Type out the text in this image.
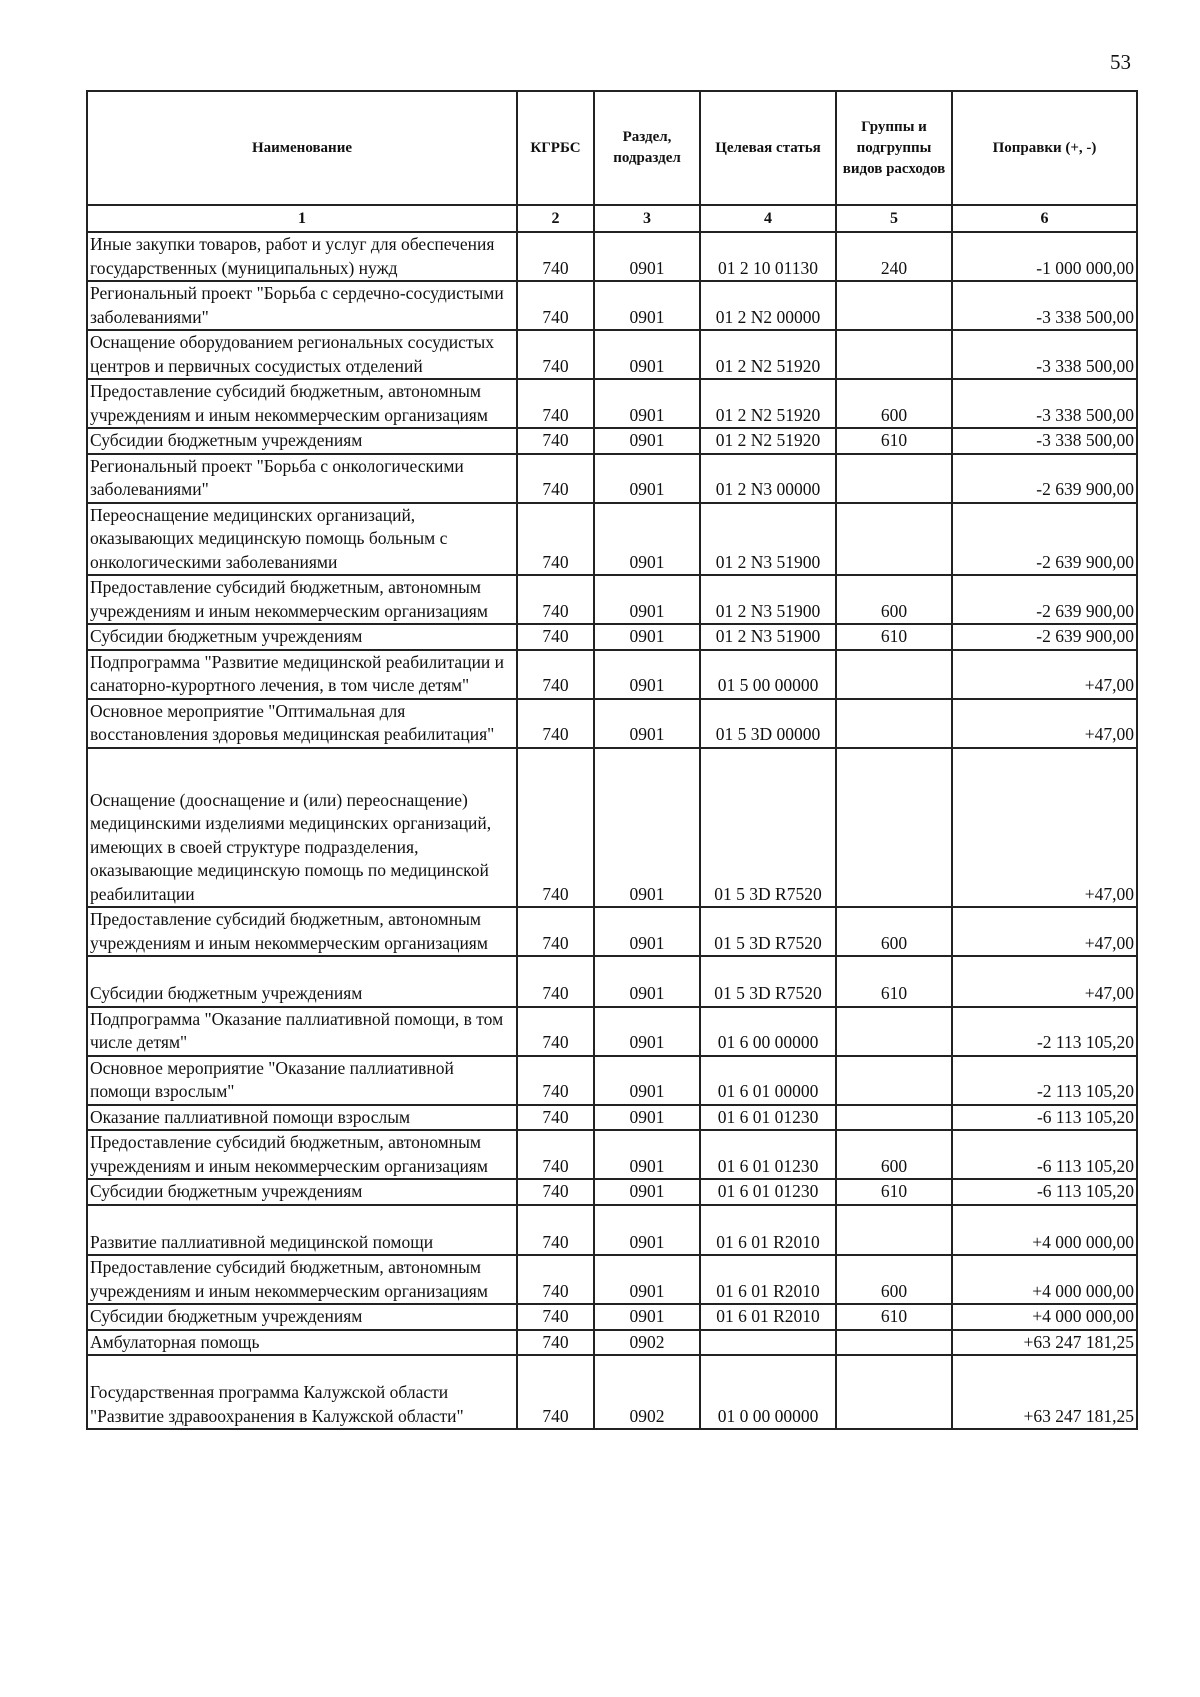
53
Наименование	КГРБС	Раздел, подраздел	Целевая статья	Группы и подгруппы видов расходов	Поправки (+, -)
1	2	3	4	5	6
Иные закупки товаров, работ и услуг для обеспечения государственных (муниципальных) нужд	740	0901	01 2 10 01130	240	-1 000 000,00
Региональный проект "Борьба с сердечно-сосудистыми заболеваниями"	740	0901	01 2 N2 00000		-3 338 500,00
Оснащение оборудованием региональных сосудистых центров и первичных сосудистых отделений	740	0901	01 2 N2 51920		-3 338 500,00
Предоставление субсидий бюджетным, автономным учреждениям и иным некоммерческим организациям	740	0901	01 2 N2 51920	600	-3 338 500,00
Субсидии бюджетным учреждениям	740	0901	01 2 N2 51920	610	-3 338 500,00
Региональный проект "Борьба с онкологическими заболеваниями"	740	0901	01 2 N3 00000		-2 639 900,00
Переоснащение медицинских организаций, оказывающих медицинскую помощь больным с онкологическими заболеваниями	740	0901	01 2 N3 51900		-2 639 900,00
Предоставление субсидий бюджетным, автономным учреждениям и иным некоммерческим организациям	740	0901	01 2 N3 51900	600	-2 639 900,00
Субсидии бюджетным учреждениям	740	0901	01 2 N3 51900	610	-2 639 900,00
Подпрограмма "Развитие медицинской реабилитации и санаторно-курортного лечения, в том числе детям"	740	0901	01 5 00 00000		+47,00
Основное мероприятие "Оптимальная для восстановления здоровья медицинская реабилитация"	740	0901	01 5 3D 00000		+47,00
Оснащение (дооснащение и (или) переоснащение) медицинскими изделиями медицинских организаций, имеющих в своей структуре подразделения, оказывающие медицинскую помощь по медицинской реабилитации	740	0901	01 5 3D R7520		+47,00
Предоставление субсидий бюджетным, автономным учреждениям и иным некоммерческим организациям	740	0901	01 5 3D R7520	600	+47,00
Субсидии бюджетным учреждениям	740	0901	01 5 3D R7520	610	+47,00
Подпрограмма "Оказание паллиативной помощи, в том числе детям"	740	0901	01 6 00 00000		-2 113 105,20
Основное мероприятие "Оказание паллиативной помощи взрослым"	740	0901	01 6 01 00000		-2 113 105,20
Оказание паллиативной помощи взрослым	740	0901	01 6 01 01230		-6 113 105,20
Предоставление субсидий бюджетным, автономным учреждениям и иным некоммерческим организациям	740	0901	01 6 01 01230	600	-6 113 105,20
Субсидии бюджетным учреждениям	740	0901	01 6 01 01230	610	-6 113 105,20
Развитие паллиативной медицинской помощи	740	0901	01 6 01 R2010		+4 000 000,00
Предоставление субсидий бюджетным, автономным учреждениям и иным некоммерческим организациям	740	0901	01 6 01 R2010	600	+4 000 000,00
Субсидии бюджетным учреждениям	740	0901	01 6 01 R2010	610	+4 000 000,00
Амбулаторная помощь	740	0902			+63 247 181,25
Государственная программа Калужской области "Развитие здравоохранения в Калужской области"	740	0902	01 0 00 00000		+63 247 181,25
